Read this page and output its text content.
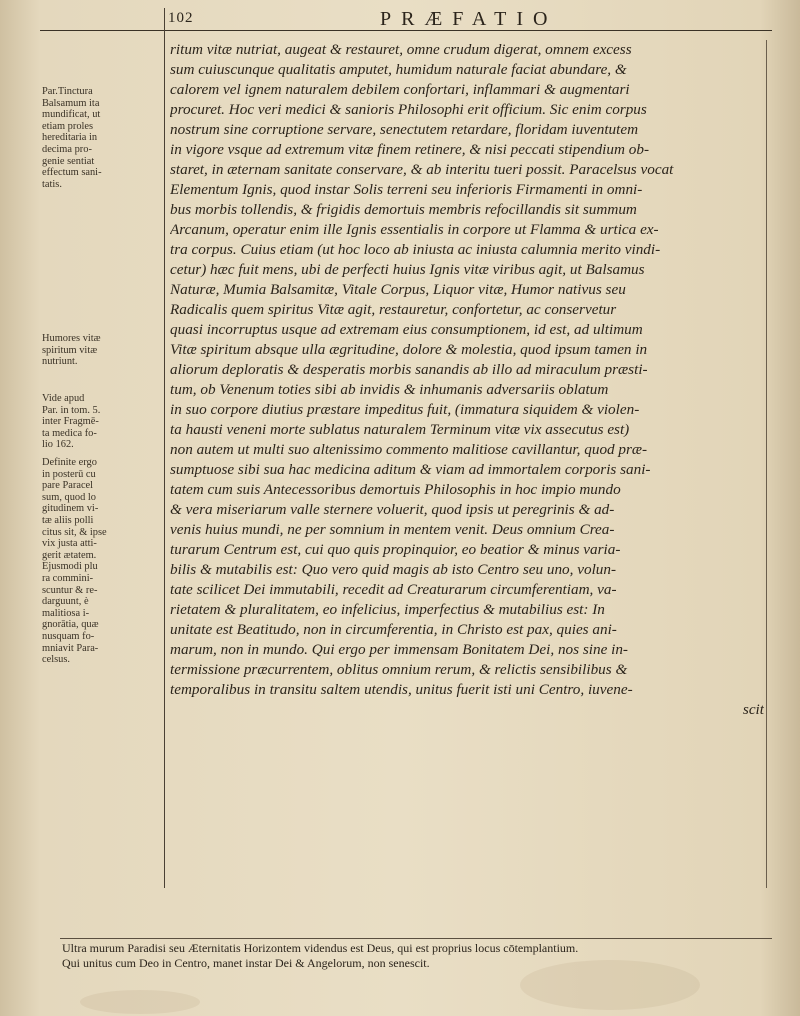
102	PRÆFATIO
ritum vitæ nutriat, augeat & restauret, omne crudum digerat, omnem excess
sum cuiuscunque qualitatis amputet, humidum naturale faciat abundare, &
calorem vel ignem naturalem debilem confortari, inflammari & augmentari
procuret. Hoc veri medici & sanioris Philosophi erit officium. Sic enim corpus
nostrum sine corruptione servare, senectutem retardare, floridam iuventutem
in vigore vsque ad extremum vitæ finem retinere, & nisi peccati stipendium ob-
staret, in æternam sanitate conservare, & ab interitu tueri possit. Paracelsus vocat
Elementum Ignis, quod instar Solis terreni seu inferioris Firmamenti in omni-
bus morbis tollendis, & frigidis demortuis membris refocillandis sit summum
Arcanum, operatur enim ille Ignis essentialis in corpore ut Flamma & urtica ex-
tra corpus. Cuius etiam (ut hoc loco ab iniusta ac iniusta calumnia merito vindi-
cetur) hæc fuit mens, ubi de perfecti huius Ignis vitæ viribus agit, ut Balsamus
Naturæ, Mumia Balsamitæ, Vitale Corpus, Liquor vitæ, Humor nativus seu
Radicalis quem spiritus Vitæ agit, restauretur, confortetur, ac conservetur
quasi incorruptus usque ad extremam eius consumptionem, id est, ad ultimum
Vitæ spiritum absque ulla ægritudine, dolore & molestia, quod ipsum tamen in
aliorum deploratis & desperatis morbis sanandis ab illo ad miraculum præsti-
tum, ob Venenum toties sibi ab invidis & inhumanis adversariis oblatum
in suo corpore diutius præstare impeditus fuit, (immatura siquidem & violen-
ta hausti veneni morte sublatus naturalem Terminum vitæ vix assecutus est)
non autem ut multi suo altenissimo commento malitiose cavillantur, quod præ-
sumptuose sibi sua hac medicina aditum & viam ad immortalem corporis sani-
tatem cum suis Antecessoribus demortuis Philosophis in hoc impio mundo
& vera miseriarum valle sternere voluerit, quod ipsis ut peregrinis & ad-
venis huius mundi, ne per somnium in mentem venit. Deus omnium Crea-
turarum Centrum est, cui quo quis propinquior, eo beatior & minus varia-
bilis & mutabilis est: Quo vero quid magis ab isto Centro seu uno, volun-
tate scilicet Dei immutabili, recedit ad Creaturarum circumferentiam, va-
rietatem & pluralitatem, eo infelicius, imperfectius & mutabilius est: In
unitate est Beatitudo, non in circumferentia, in Christo est pax, quies ani-
marum, non in mundo. Qui ergo per immensam Bonitatem Dei, nos sine in-
termissione præcurrentem, oblitus omnium rerum, & relictis sensibilibus &
temporalibus in transitu saltem utendis, unitus fuerit isti uni Centro, iuvene-
scit
Par.Tinctura
Balsamum ita
mundificat, ut
etiam proles
hereditaria in
decima pro-
genie sentiat
effectum sani-
tatis.
Humores vitæ
spiritum vitæ
nutriunt.
Vide apud
Par. in tom. 5.
inter Fragmē-
ta medica fo-
lio 162.
Definite ergo
in posterū cu
pare Paracel
sum, quod lo
gitudinem vi-
tæ aliis polli
citus sit, & ipse
vix justa atti-
gerit ætatem.
Ejusmodi plu
ra commini-
scuntur & re-
darguunt, è
malitiosa i-
gnorātia, quæ
nusquam fo-
mniavit Para-
celsus.
Ultra murum Paradisi seu Æternitatis Horizontem videndus est Deus, qui est proprius locus cōtemplantium.
Qui unitus cum Deo in Centro, manet instar Dei & Angelorum, non senescit.
